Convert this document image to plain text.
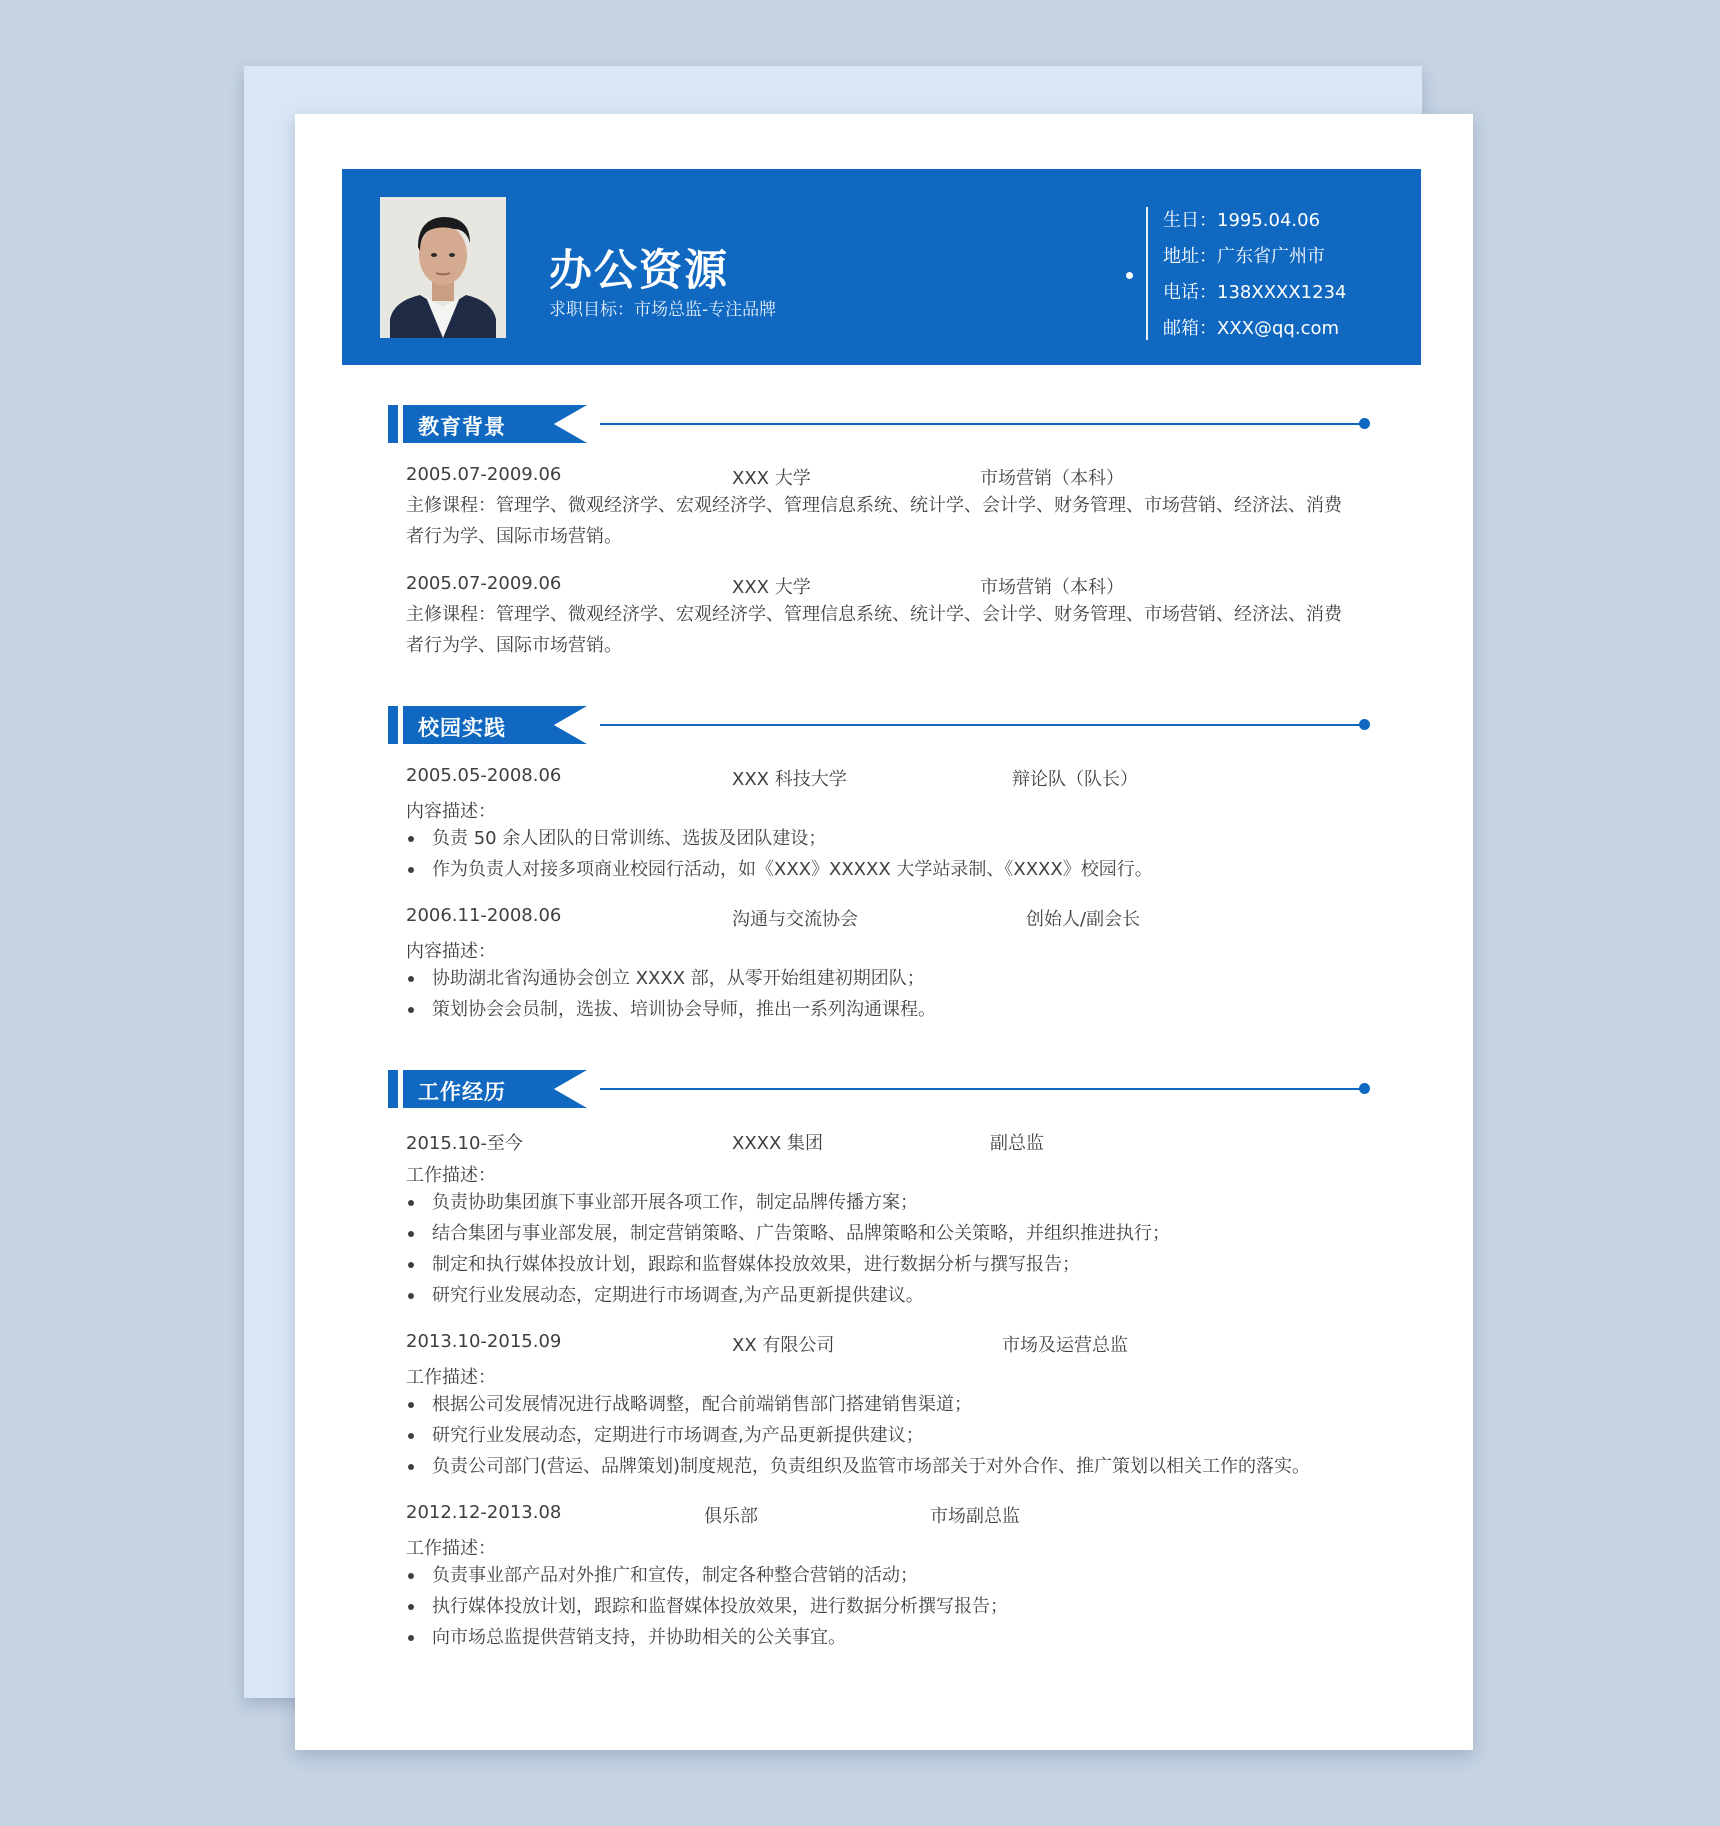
办公资源
求职目标：市场总监-专注品牌
生日：1995.04.06
地址：广东省广州市
电话：138XXXX1234
邮箱：XXX@qq.com
教育背景
2005.07-2009.06	XXX 大学	市场营销（本科）
主修课程：管理学、微观经济学、宏观经济学、管理信息系统、统计学、会计学、财务管理、市场营销、经济法、消费者行为学、国际市场营销。
2005.07-2009.06	XXX 大学	市场营销（本科）
主修课程：管理学、微观经济学、宏观经济学、管理信息系统、统计学、会计学、财务管理、市场营销、经济法、消费者行为学、国际市场营销。
校园实践
2005.05-2008.06	XXX 科技大学	辩论队（队长）
内容描述：
负责 50 余人团队的日常训练、选拔及团队建设；
作为负责人对接多项商业校园行活动，如《XXX》XXXXX 大学站录制、《XXXX》校园行。
2006.11-2008.06	沟通与交流协会	创始人/副会长
内容描述：
协助湖北省沟通协会创立 XXXX 部，从零开始组建初期团队；
策划协会会员制，选拔、培训协会导师，推出一系列沟通课程。
工作经历
2015.10-至今	XXXX 集团	副总监
工作描述：
负责协助集团旗下事业部开展各项工作，制定品牌传播方案；
结合集团与事业部发展，制定营销策略、广告策略、品牌策略和公关策略，并组织推进执行；
制定和执行媒体投放计划，跟踪和监督媒体投放效果，进行数据分析与撰写报告；
研究行业发展动态，定期进行市场调查,为产品更新提供建议。
2013.10-2015.09	XX 有限公司	市场及运营总监
工作描述：
根据公司发展情况进行战略调整，配合前端销售部门搭建销售渠道；
研究行业发展动态，定期进行市场调查,为产品更新提供建议；
负责公司部门(营运、品牌策划)制度规范，负责组织及监管市场部关于对外合作、推广策划以相关工作的落实。
2012.12-2013.08	俱乐部	市场副总监
工作描述：
负责事业部产品对外推广和宣传，制定各种整合营销的活动；
执行媒体投放计划，跟踪和监督媒体投放效果，进行数据分析撰写报告；
向市场总监提供营销支持，并协助相关的公关事宜。
